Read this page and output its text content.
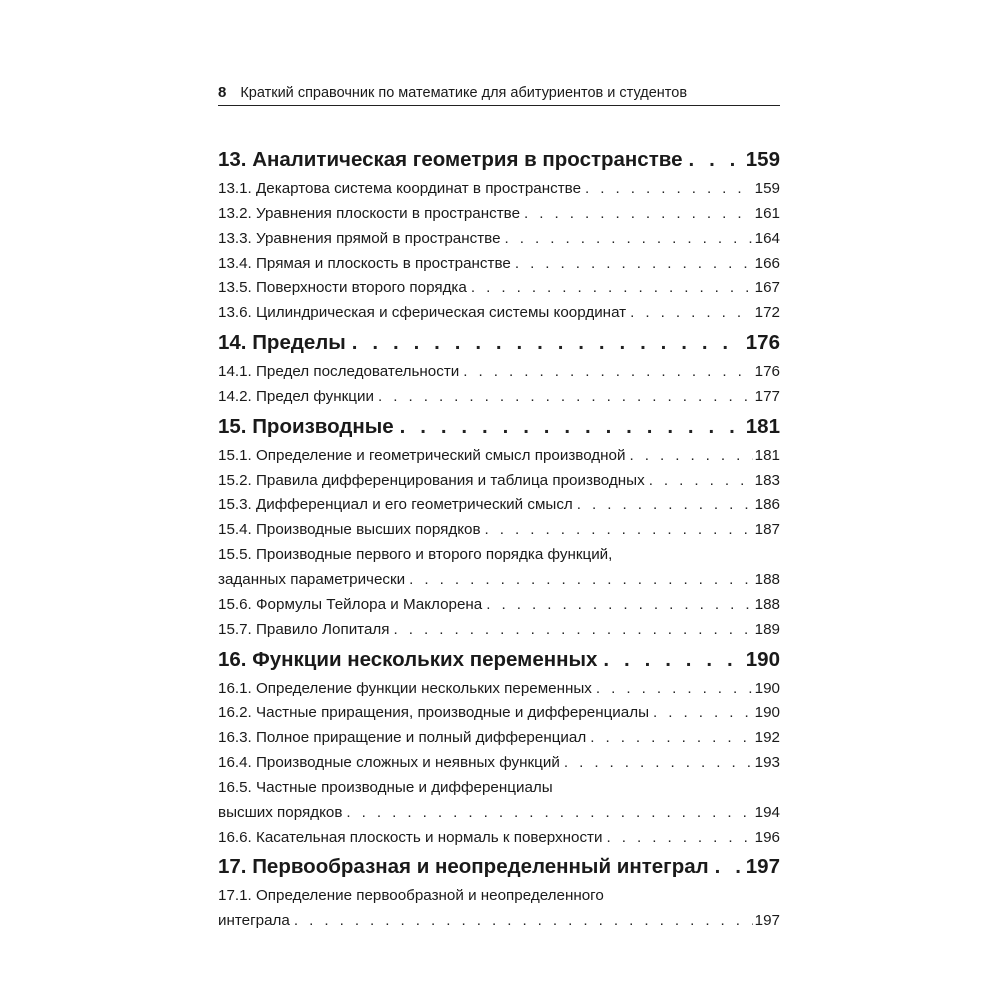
8 Краткий справочник по математике для абитуриентов и студентов
13. Аналитическая геометрия в пространстве . . .	159
13.1. Декартова система координат в пространстве . . .	159
13.2. Уравнения плоскости в пространстве . . .	161
13.3. Уравнения прямой в пространстве . . .	164
13.4. Прямая и плоскость в пространстве . . .	166
13.5. Поверхности второго порядка . . .	167
13.6. Цилиндрическая и сферическая системы координат . . .	172
14. Пределы . . .	176
14.1. Предел последовательности . . .	176
14.2. Предел функции . . .	177
15. Производные . . .	181
15.1. Определение и геометрический смысл производной . . .	181
15.2. Правила дифференцирования и таблица производных . . .	183
15.3. Дифференциал и его геометрический смысл . . .	186
15.4. Производные высших порядков . . .	187
15.5. Производные первого и второго порядка функций,
заданных параметрически . . .	188
15.6. Формулы Тейлора и Маклорена . . .	188
15.7. Правило Лопиталя . . .	189
16. Функции нескольких переменных . . .	190
16.1. Определение функции нескольких переменных . . .	190
16.2. Частные приращения, производные и дифференциалы . . .	190
16.3. Полное приращение и полный дифференциал . . .	192
16.4. Производные сложных и неявных функций . . .	193
16.5. Частные производные и дифференциалы
высших порядков . . .	194
16.6. Касательная плоскость и нормаль к поверхности . . .	196
17. Первообразная и неопределенный интеграл . . . 197
17.1. Определение первообразной и неопределенного
интеграла . . .	197
